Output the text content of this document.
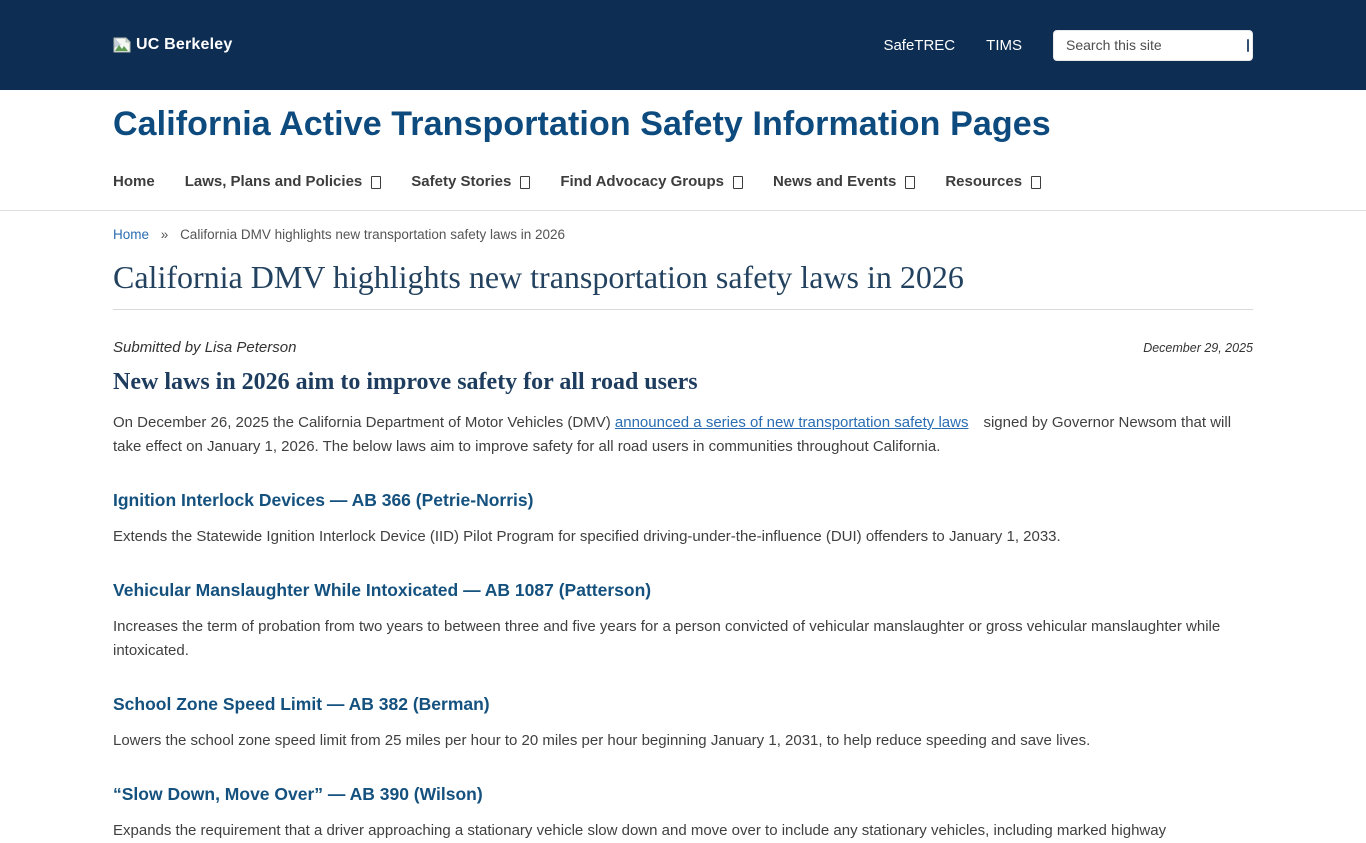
UC Berkeley	SafeTREC TIMS
Search this site
California Active Transportation Safety Information Pages
Home Laws, Plans and Policies	Safety Stories	Find Advocacy Groups	News and Events	Resources
Home » California DMV highlights new transportation safety laws in 2026
California DMV highlights new transportation safety laws in 2026
Submitted by Lisa Peterson	December 29, 2025
New laws in 2026 aim to improve safety for all road users

On December 26, 2025 the California Department of Motor Vehicles (DMV) announced a series of new transportation safety laws signed by Governor Newsom that will take effect on January 1, 2026. The below laws aim to improve safety for all road users in communities throughout California.

Ignition Interlock Devices — AB 366 (Petrie-Norris)

Extends the Statewide Ignition Interlock Device (IID) Pilot Program for specified driving-under-the-influence (DUI) offenders to January 1, 2033.

Vehicular Manslaughter While Intoxicated — AB 1087 (Patterson)

Increases the term of probation from two years to between three and five years for a person convicted of vehicular manslaughter or gross vehicular manslaughter while intoxicated.

School Zone Speed Limit — AB 382 (Berman)

Lowers the school zone speed limit from 25 miles per hour to 20 miles per hour beginning January 1, 2031, to help reduce speeding and save lives.

“Slow Down, Move Over” — AB 390 (Wilson)

Expands the requirement that a driver approaching a stationary vehicle slow down and move over to include any stationary vehicles, including marked highway
